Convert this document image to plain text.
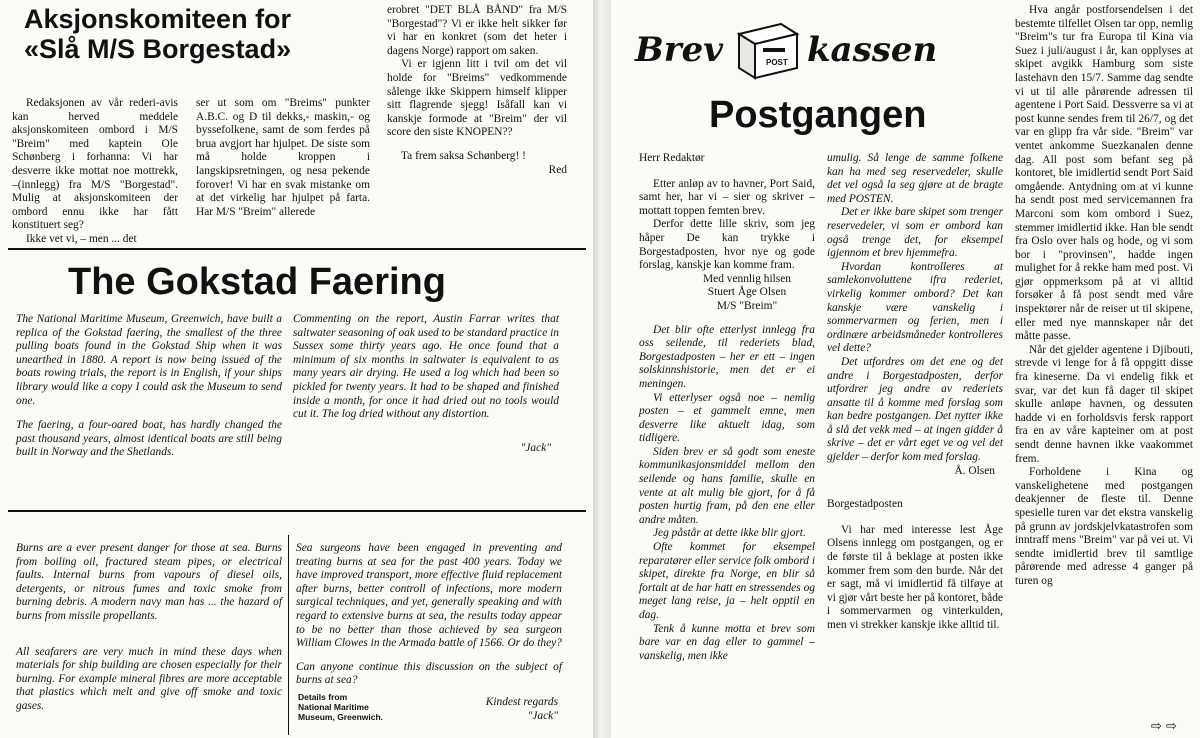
Aksjonskomiteen for
«Slå M/S Borgestad»

Redaksjonen av vår rederi-avis kan herved meddele aksjonskomiteen ombord i M/S "Breim" med kaptein Ole Schønberg i forhanna: Vi har desverre ikke mottat noe mottrekk, –(innlegg) fra M/S "Borgestad". Mulig at aksjonskomiteen der ombord ennu ikke har fått konstituert seg?

Ikke vet vi, – men ... det

ser ut som om "Breims" punkter A.B.C. og D til dekks,- maskin,- og byssefolkene, samt de som ferdes på brua avgjort har hjulpet. De siste som må holde kroppen i langskipsretningen, og nesa pekende forover! Vi har en svak mistanke om at det virkelig har hjulpet på farta. Har M/S "Breim" allerede

erobret "DET BLÅ BÅND" fra M/S "Borgestad"? Vi er ikke helt sikker før vi har en konkret (som det heter i dagens Norge) rapport om saken.

Vi er igjenn litt i tvil om det vil holde for "Breims" vedkommende sålenge ikke Skippern himself klipper sitt flagrende sjegg! Isåfall kan vi kanskje formode at "Breim" der vil score den siste KNOPEN??

Ta frem saksa Schønberg! !

Red

The Gokstad Faering

The National Maritime Museum, Greenwich, have built a replica of the Gokstad faering, the smallest of the three pulling boats found in the Gokstad Ship when it was unearthed in 1880. A report is now being issued of the boats rowing trials, the report is in English, if your ships library would like a copy I could ask the Museum to send one.

The faering, a four-oared boat, has hardly changed the past thousand years, almost identical boats are still being built in Norway and the Shetlands.

Commenting on the report, Austin Farrar writes that saltwater seasoning of oak used to be standard practice in Sussex some thirty years ago. He once found that a minimum of six months in saltwater is equivalent to as many years air drying. He used a log which had been so pickled for twenty years. It had to be shaped and finished inside a month, for once it had dried out no tools would cut it. The log dried without any distortion.

"Jack"

Burns are a ever present danger for those at sea. Burns from boiling oil, fractured steam pipes, or electrical faults. Internal burns from vapours of diesel oils, detergents, or nitrous fumes and toxic smoke from burning debris. A modern navy man has ... the hazard of burns from missile propellants.

All seafarers are very much in mind these days when materials for ship building are chosen especially for their burning. For example mineral fibres are more acceptable that plastics which melt and give off smoke and toxic gases.

Sea surgeons have been engaged in preventing and treating burns at sea for the past 400 years. Today we have improved transport, more effective fluid replacement after burns, better controll of infections, more modern surgical techniques, and yet, generally speaking and with regard to extensive burns at sea, the results today appear to be no better than those achieved by sea surgeon William Clowes in the Armada battle of 1566. Or do they?

Can anyone continue this discussion on the subject of burns at sea?

Details from
National Maritime
Museum, Greenwich.
Kindest regards
"Jack"
Brev	POST kassen
Postgangen

Herr Redaktør

Etter anløp av to havner, Port Said, samt her, har vi – sier og skriver – mottatt toppen femten brev.

Derfor dette lille skriv, som jeg håper De kan trykke i Borgestadposten, hvor nye og gode forslag, kanskje kan komme fram.

Med vennlig hilsen
Stuert Åge Olsen
M/S "Breim"

Det blir ofte etterlyst innlegg fra oss seilende, til rederiets blad, Borgestadposten – her er ett – ingen solskinnshistorie, men det er ei meningen.

Vi etterlyser også noe – nemlig posten – et gammelt emne, men desverre like aktuelt idag, som tidligere.

Siden brev er så godt som eneste kommunikasjonsmiddel mellom den seilende og hans familie, skulle en vente at alt mulig ble gjort, for å få posten hurtig fram, på den ene eller andre måten.

Jeg påstår at dette ikke blir gjort.

Ofte kommet for eksempel reparatører eller service folk ombord i skipet, direkte fra Norge, en blir så fortalt at de har hatt en stressendes og meget lang reise, ja – helt opptil en dag.

Tenk å kunne motta et brev som bare var en dag eller to gammel – vanskelig, men ikke

umulig. Så lenge de samme folkene kan ha med seg reservedeler, skulle det vel også la seg gjøre at de bragte med POSTEN.

Det er ikke bare skipet som trenger reservedeler, vi som er ombord kan også trenge det, for eksempel igjennom et brev hjemmefra.

Hvordan kontrolleres at samlekonvoluttene ifra rederiet, virkelig kommer ombord? Det kan kanskje være vanskelig i sommervarmen og ferien, men i ordinære arbeidsmåneder kontrolleres vel dette?

Det utfordres om det ene og det andre i Borgestadposten, derfor utfordrer jeg andre av rederiets ansatte til å komme med forslag som kan bedre postgangen. Det nytter ikke å slå det vekk med – at ingen gidder å skrive – det er vårt eget ve og vel det gjelder – derfor kom med forslag.

Å. Olsen

Borgestadposten

Vi har med interesse lest Åge Olsens innlegg om postgangen, og er de første til å beklage at posten ikke kommer frem som den burde. Når det er sagt, må vi imidlertid få tilføye at vi gjør vårt beste her på kontoret, både i sommervarmen og vinterkulden, men vi strekker kanskje ikke alltid til.

Hva angår postforsendelsen i det bestemte tilfellet Olsen tar opp, nemlig "Breim"s tur fra Europa til Kina via Suez i juli/august i år, kan opplyses at skipet avgikk Hamburg som siste lastehavn den 15/7. Samme dag sendte vi ut til alle pårørende adressen til agentene i Port Said. Dessverre sa vi at post kunne sendes frem til 26/7, og det var en glipp fra vår side. "Breim" var ventet ankomme Suezkanalen denne dag. All post som befant seg på kontoret, ble imidlertid sendt Port Said omgående. Antydning om at vi kunne ha sendt post med servicemannen fra Marconi som kom ombord i Suez, stemmer imidlertid ikke. Han ble sendt fra Oslo over hals og hode, og vi som bor i "provinsen", hadde ingen mulighet for å rekke ham med post. Vi gjør oppmerksom på at vi alltid forsøker å få post sendt med våre inspektører når de reiser ut til skipene, eller med nye mannskaper når det måtte passe.

Når det gjelder agentene i Djibouti, strevde vi lenge for å få oppgitt disse fra kineserne. Da vi endelig fikk et svar, var det kun få dager til skipet skulle anløpe havnen, og dessuten hadde vi en forholdsvis fersk rapport fra en av våre kapteiner om at post sendt denne havnen ikke vaakommet frem.

Forholdene i Kina og vanskelighetene med postgangen deakjenner de fleste til. Denne spesielle turen var det ekstra vanskelig på grunn av jordskjelvkatastrofen som inntraff mens "Breim" var på vei ut. Vi sendte imidlertid brev til samtlige pårørende med adresse 4 ganger på turen og

⇨ ⇨
